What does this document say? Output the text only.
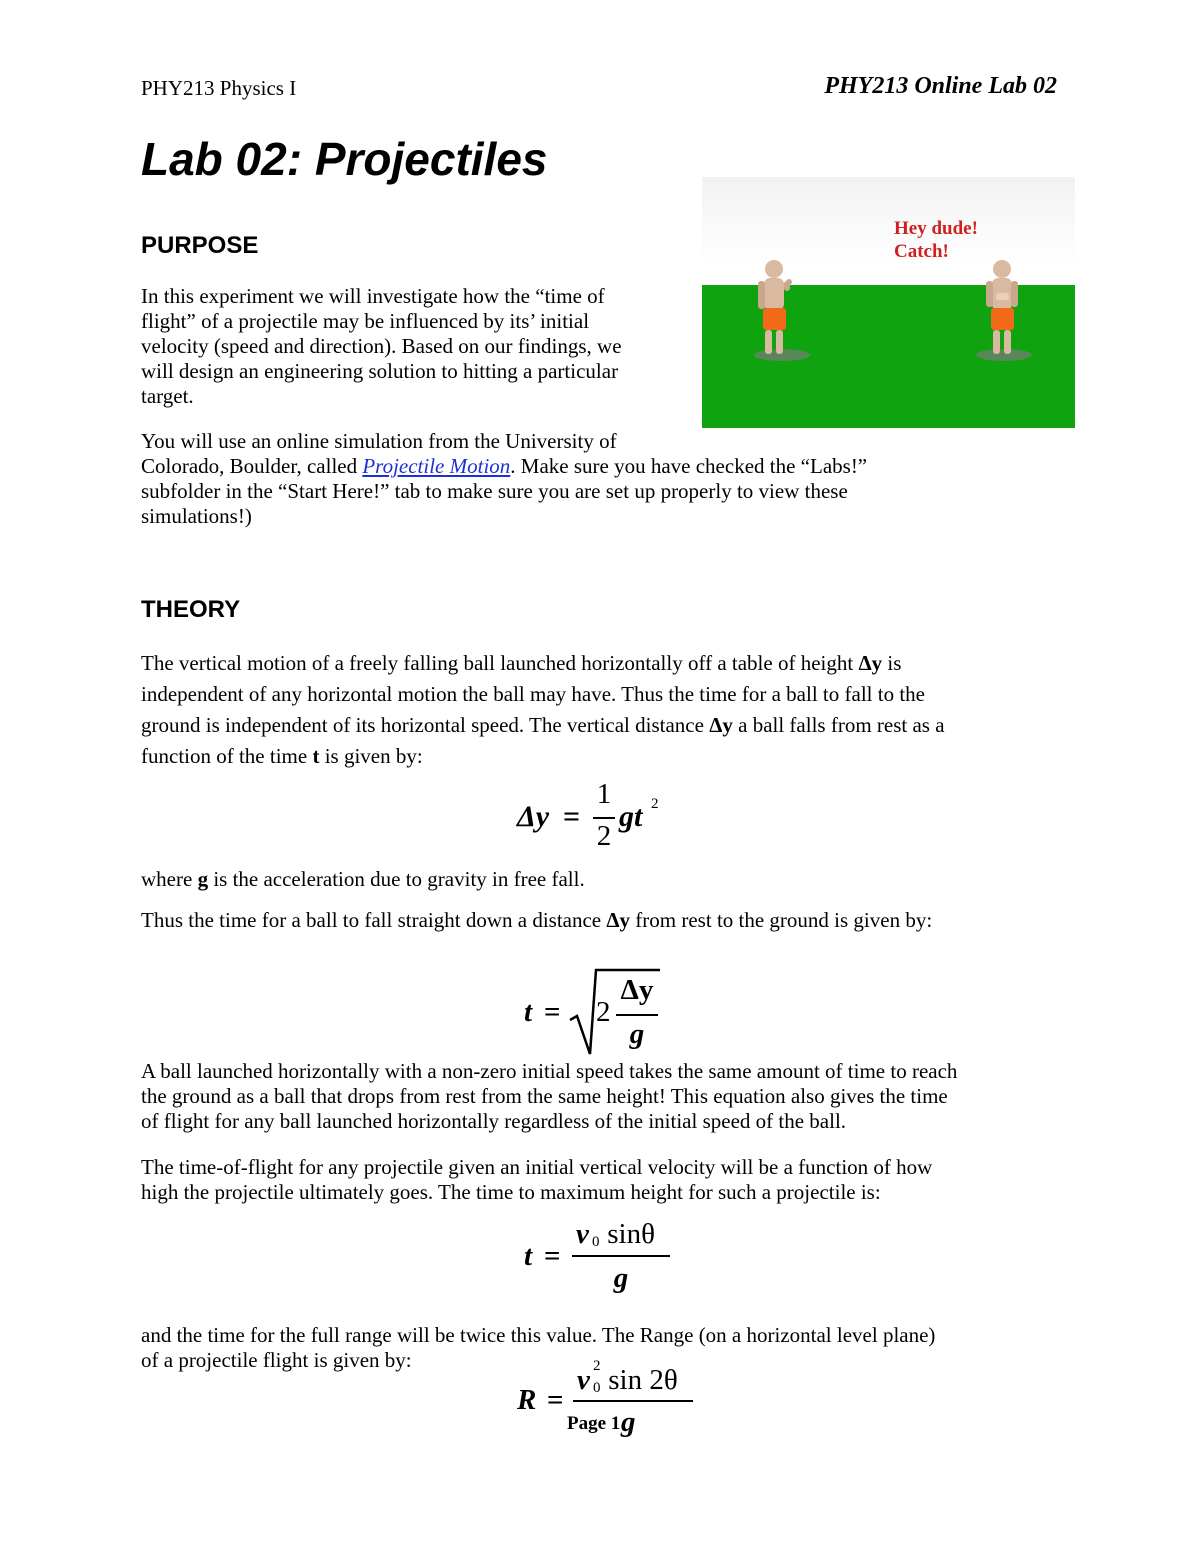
PHY213 Physics I	PHY213 Online Lab 02
Lab 02: Projectiles
Hey dude!
Catch!
PURPOSE
In this experiment we will investigate how the “time of
flight” of a projectile may be influenced by its’ initial
velocity (speed and direction). Based on our findings, we
will design an engineering solution to hitting a particular
target.
You will use an online simulation from the University of
Colorado, Boulder, called Projectile Motion. Make sure you have checked the “Labs!”
subfolder in the “Start Here!” tab to make sure you are set up properly to view these
simulations!)
THEORY
The vertical motion of a freely falling ball launched horizontally off a table of height Δy is
independent of any horizontal motion the ball may have. Thus the time for a ball to fall to the
ground is independent of its horizontal speed. The vertical distance Δy a ball falls from rest as a
function of the time t is given by:
Δy =
1
2
gt 2
where g is the acceleration due to gravity in free fall.
Thus the time for a ball to fall straight down a distance Δy from rest to the ground is given by:
t = 2
Δy
g
A ball launched horizontally with a non-zero initial speed takes the same amount of time to reach
the ground as a ball that drops from rest from the same height! This equation also gives the time
of flight for any ball launched horizontally regardless of the initial speed of the ball.
The time-of-flight for any projectile given an initial vertical velocity will be a function of how
high the projectile ultimately goes. The time to maximum height for such a projectile is:
t =
v 0 sinθ
g
and the time for the full range will be twice this value. The Range (on a horizontal level plane)
of a projectile flight is given by:
R =
v 2
0 sin 2θ
g
Page 1
